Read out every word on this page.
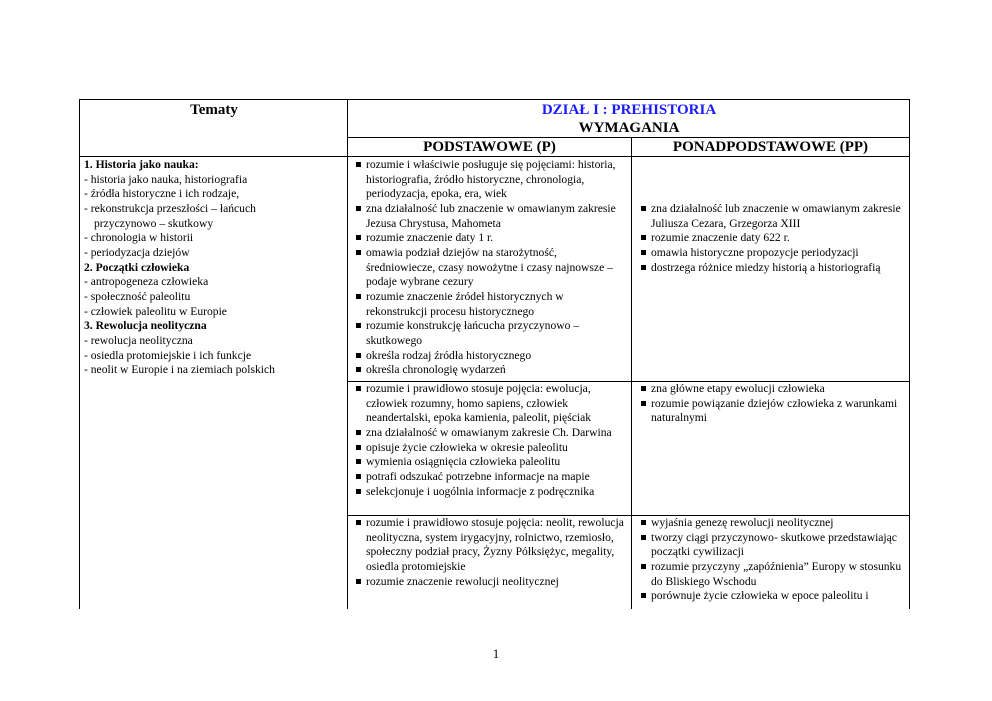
Tematy	DZIAŁ I : PREHISTORIA
WYMAGANIA
PODSTAWOWE (P)	PONADPODSTAWOWE (PP)
1. Historia jako nauka:
- historia jako nauka, historiografia
- źródła historyczne i ich rodzaje,
- rekonstrukcja przeszłości – łańcuch
przyczynowo – skutkowy
- chronologia w historii
- periodyzacja dziejów
2. Początki człowieka
- antropogeneza człowieka
- społeczność paleolitu
- człowiek paleolitu w Europie
3. Rewolucja neolityczna
- rewolucja neolityczna
- osiedla protomiejskie i ich funkcje
- neolit w Europie i na ziemiach polskich
rozumie i właściwie posługuje się pojęciami: historia, historiografia, źródło historyczne, chronologia, periodyzacja, epoka, era, wiek
zna działalność lub znaczenie w omawianym zakresie Jezusa Chrystusa, Mahometa
rozumie znaczenie daty 1 r.
omawia podział dziejów na starożytność, średniowiecze, czasy nowożytne i czasy najnowsze – podaje wybrane cezury
rozumie znaczenie źródeł historycznych w rekonstrukcji procesu historycznego
rozumie konstrukcję łańcucha przyczynowo – skutkowego
określa rodzaj źródła historycznego
określa chronologię wydarzeń
zna działalność lub znaczenie w omawianym zakresie Juliusza Cezara, Grzegorza XIII
rozumie znaczenie daty 622 r.
omawia historyczne propozycje periodyzacji
dostrzega różnice miedzy historią a historiografią
rozumie i prawidłowo stosuje pojęcia: ewolucja, człowiek rozumny, homo sapiens, człowiek neandertalski, epoka kamienia, paleolit, pięściak
zna działalność w omawianym zakresie Ch. Darwina
opisuje życie człowieka w okresie paleolitu
wymienia osiągnięcia człowieka paleolitu
potrafi odszukać potrzebne informacje na mapie
selekcjonuje i uogólnia informacje z podręcznika
zna główne etapy ewolucji człowieka
rozumie powiązanie dziejów człowieka z warunkami naturalnymi
rozumie i prawidłowo stosuje pojęcia: neolit, rewolucja neolityczna, system irygacyjny, rolnictwo, rzemiosło, społeczny podział pracy, Żyzny Półksiężyc, megality, osiedla protomiejskie
rozumie znaczenie rewolucji neolitycznej
wyjaśnia genezę rewolucji neolitycznej
tworzy ciągi przyczynowo- skutkowe przedstawiając początki cywilizacji
rozumie przyczyny „zapóźnienia” Europy w stosunku do Bliskiego Wschodu
porównuje życie człowieka w epoce paleolitu i
1
